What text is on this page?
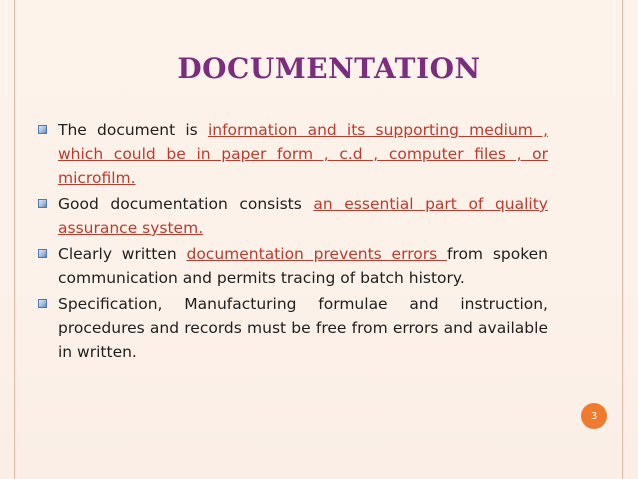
DOCUMENTATION
The document is information and its supporting medium , which could be in paper form , c.d , computer files , or microfilm.
Good documentation consists an essential part of quality assurance system.
Clearly written documentation prevents errors from spoken communication and permits tracing of batch history.
Specification, Manufacturing formulae and instruction, procedures and records must be free from errors and available in written.
3
